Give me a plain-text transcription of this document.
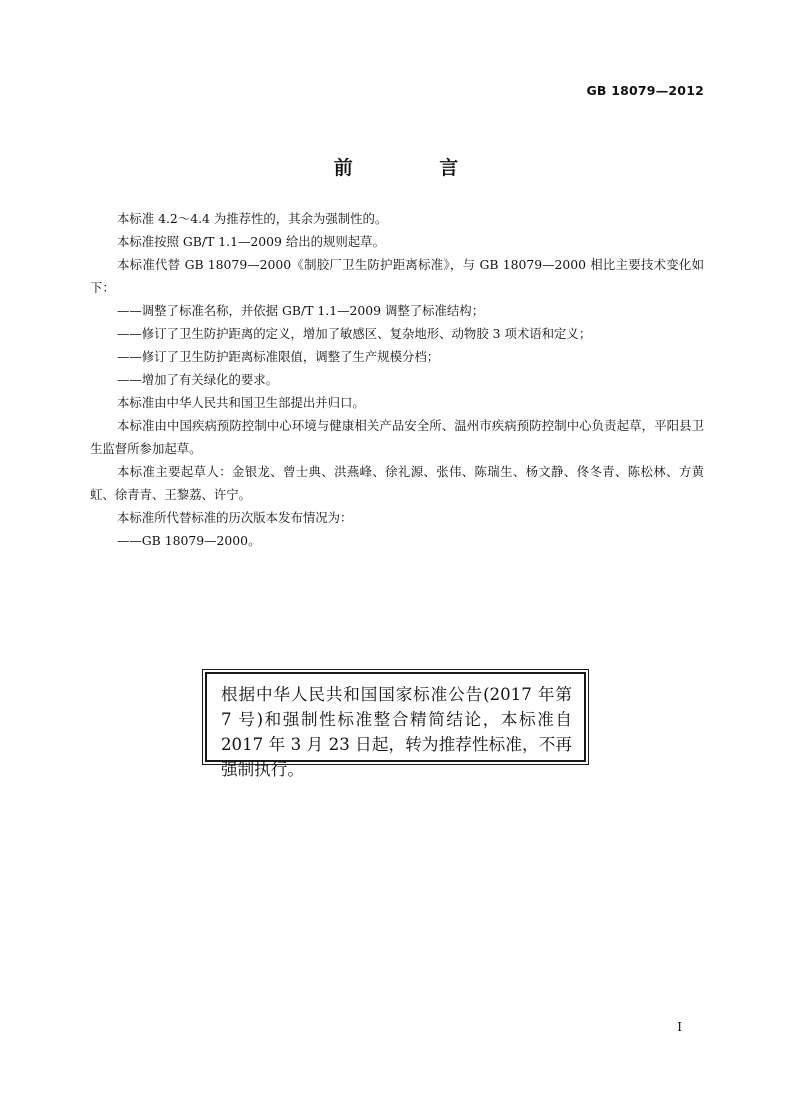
GB 18079—2012
前 言

本标准 4.2～4.4 为推荐性的，其余为强制性的。

本标准按照 GB/T 1.1—2009 给出的规则起草。

本标准代替 GB 18079—2000《制胶厂卫生防护距离标准》，与 GB 18079—2000 相比主要技术变化如下：

——调整了标准名称，并依据 GB/T 1.1—2009 调整了标准结构；

——修订了卫生防护距离的定义，增加了敏感区、复杂地形、动物胶 3 项术语和定义；

——修订了卫生防护距离标准限值，调整了生产规模分档；

——增加了有关绿化的要求。

本标准由中华人民共和国卫生部提出并归口。

本标准由中国疾病预防控制中心环境与健康相关产品安全所、温州市疾病预防控制中心负责起草，平阳县卫生监督所参加起草。

本标准主要起草人：金银龙、曾士典、洪燕峰、徐礼源、张伟、陈瑞生、杨文静、佟冬青、陈松林、方黄虹、徐青青、王黎荔、许宁。

本标准所代替标准的历次版本发布情况为：

——GB 18079—2000。

根据中华人民共和国国家标准公告(2017 年第 7 号)和强制性标准整合精简结论，本标准自 2017 年 3 月 23 日起，转为推荐性标准，不再强制执行。
I
